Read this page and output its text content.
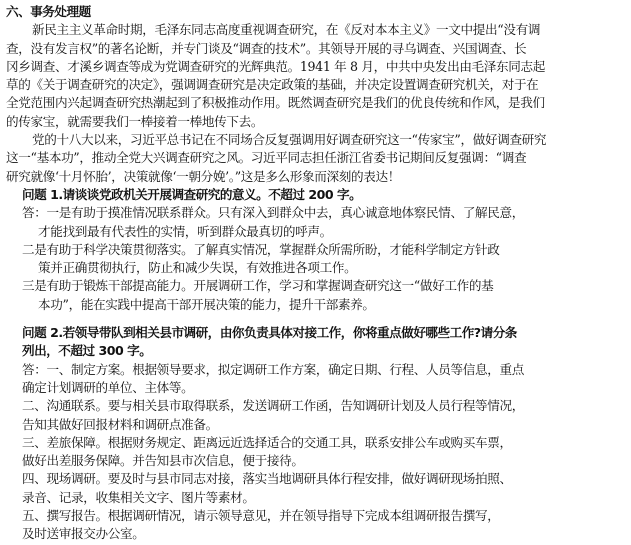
六、事务处理题
新民主主义革命时期，毛泽东同志高度重视调查研究，在《反对本本主义》一文中提出“没有调
查，没有发言权”的著名论断，并专门谈及“调查的技术”。其领导开展的寻乌调查、兴国调查、长
冈乡调查、才溪乡调查等成为党调查研究的光辉典范。1941 年 8 月，中共中央发出由毛泽东同志起
草的《关于调查研究的决定》，强调调查研究是决定政策的基础，并决定设置调查研究机关，对于在
全党范围内兴起调查研究热潮起到了积极推动作用。既然调查研究是我们的优良传统和作风，是我们
的传家宝，就需要我们一棒接着一棒地传下去。
党的十八大以来，习近平总书记在不同场合反复强调用好调查研究这一“传家宝”，做好调查研究
这一“基本功”，推动全党大兴调查研究之风。习近平同志担任浙江省委书记期间反复强调：“调查
研究就像‘十月怀胎’，决策就像‘一朝分娩’。”这是多么形象而深刻的表达！
问题 1.请谈谈党政机关开展调查研究的意义。不超过 200 字。
答：一是有助于摸准情况联系群众。只有深入到群众中去，真心诚意地体察民情、了解民意，
才能找到最有代表性的实情，听到群众最真切的呼声。
二是有助于科学决策贯彻落实。了解真实情况，掌握群众所需所盼，才能科学制定方针政
策并正确贯彻执行，防止和减少失误，有效推进各项工作。
三是有助于锻炼干部提高能力。开展调研工作，学习和掌握调查研究这一“做好工作的基
本功”，能在实践中提高干部开展决策的能力，提升干部素养。
问题 2.若领导带队到相关县市调研，由你负责具体对接工作，你将重点做好哪些工作?请分条
列出，不超过 300 字。
答：一、制定方案。根据领导要求，拟定调研工作方案，确定日期、行程、人员等信息，重点
确定计划调研的单位、主体等。
二、沟通联系。要与相关县市取得联系，发送调研工作函，告知调研计划及人员行程等情况，
告知其做好回报材料和调研点准备。
三、差旅保障。根据财务规定、距离远近选择适合的交通工具，联系安排公车或购买车票，
做好出差服务保障。并告知县市次信息，便于接待。
四、现场调研。要及时与县市同志对接，落实当地调研具体行程安排，做好调研现场拍照、
录音、记录，收集相关文字、图片等素材。
五、撰写报告。根据调研情况，请示领导意见，并在领导指导下完成本组调研报告撰写，
及时送审报交办公室。
